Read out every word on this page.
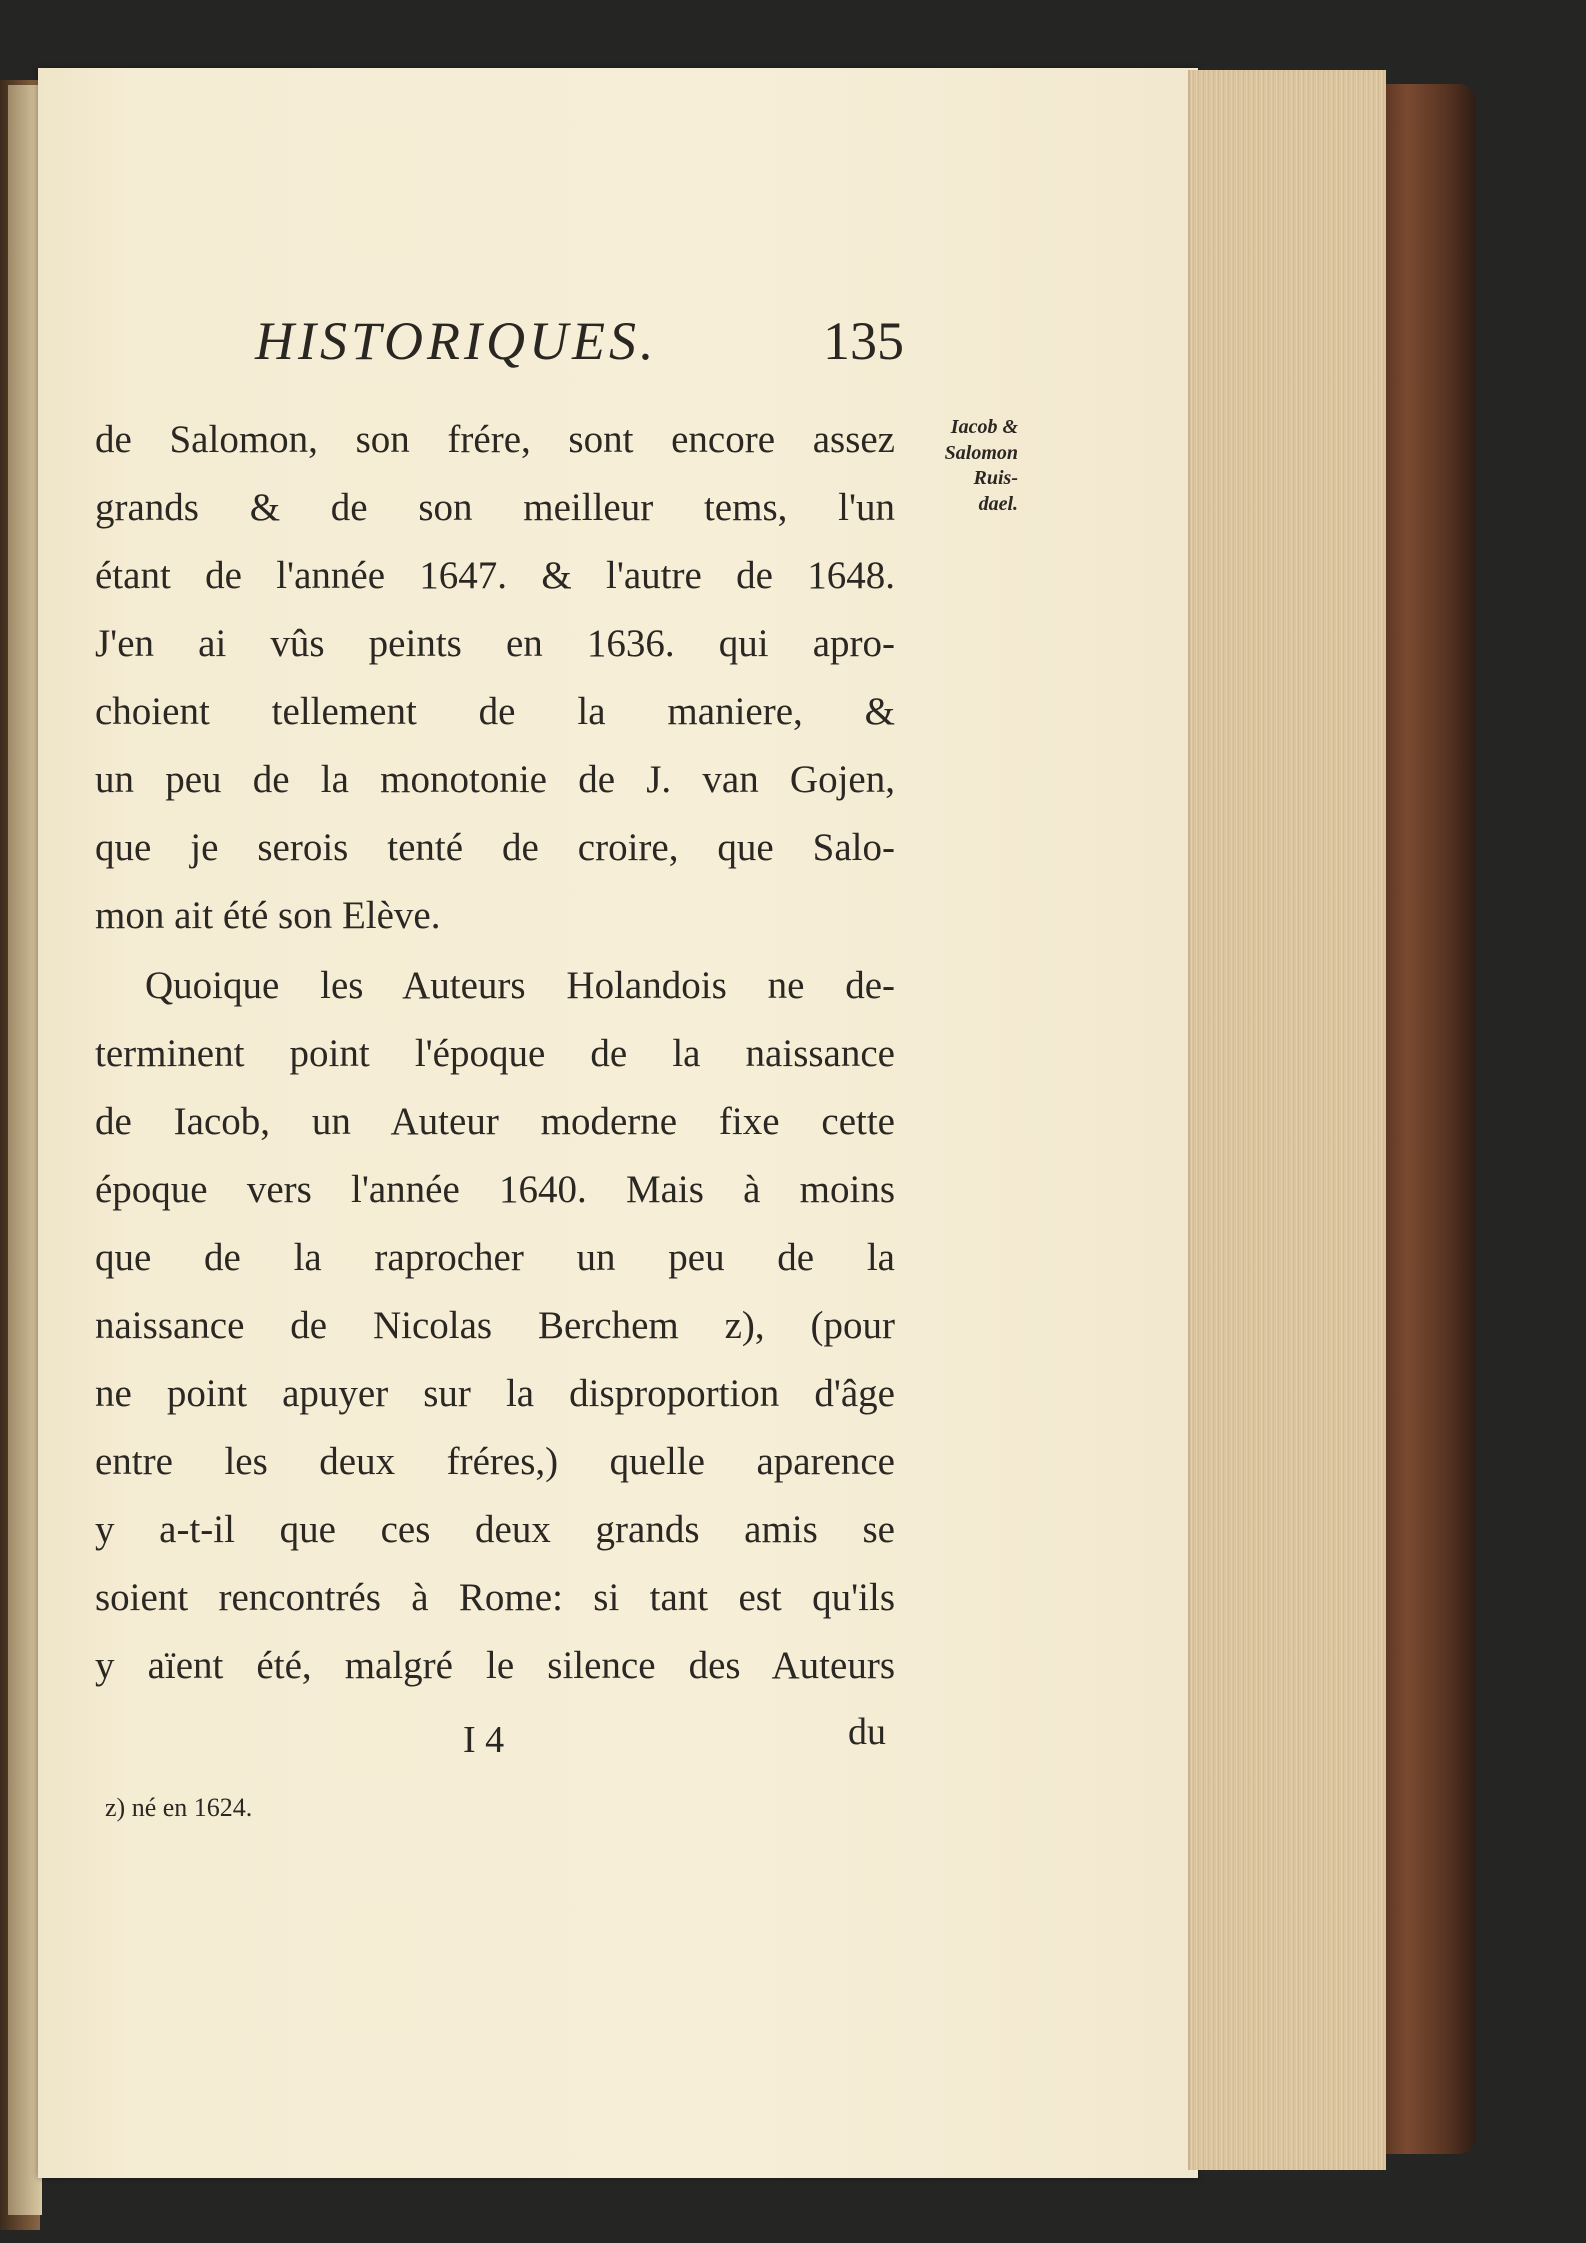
HISTORIQUES.	135
Iacob &
Salomon
Ruis-
dael.

de Salomon, son frére, sont encore assez

grands & de son meilleur tems, l'un

étant de l'année 1647. & l'autre de 1648.

J'en ai vûs peints en 1636. qui apro-

choient tellement de la maniere, &

un peu de la monotonie de J. van Gojen,

que je serois tenté de croire, que Salo-

mon ait été son Elève.

Quoique les Auteurs Holandois ne de-

terminent point l'époque de la naissance

de Iacob, un Auteur moderne fixe cette

époque vers l'année 1640. Mais à moins

que de la raprocher un peu de la

naissance de Nicolas Berchem z), (pour

ne point apuyer sur la disproportion d'âge

entre les deux fréres,) quelle aparence

y a-t-il que ces deux grands amis se

soient rencontrés à Rome: si tant est qu'ils

y aïent été, malgré le silence des Auteurs

I 4	du
z) né en 1624.
